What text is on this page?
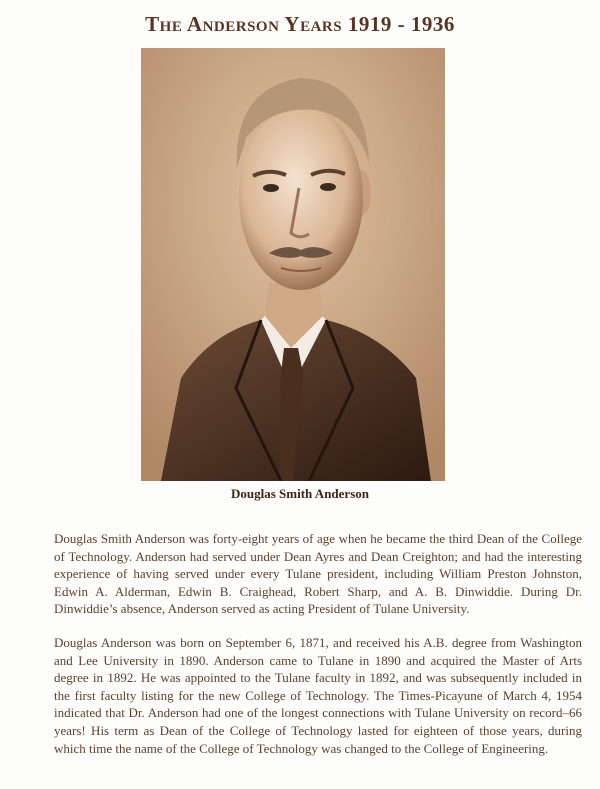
The Anderson Years 1919 - 1936
Douglas Smith Anderson

Douglas Smith Anderson was forty-eight years of age when he became the third Dean of the College of Technology. Anderson had served under Dean Ayres and Dean Creighton; and had the interesting experience of having served under every Tulane president, including William Preston Johnston, Edwin A. Alderman, Edwin B. Craighead, Robert Sharp, and A. B. Dinwiddie. During Dr. Dinwiddie’s absence, Anderson served as acting President of Tulane University.

Douglas Anderson was born on September 6, 1871, and received his A.B. degree from Washington and Lee University in 1890. Anderson came to Tulane in 1890 and acquired the Master of Arts degree in 1892. He was appointed to the Tulane faculty in 1892, and was subsequently included in the first faculty listing for the new College of Technology. The Times-Picayune of March 4, 1954 indicated that Dr. Anderson had one of the longest connections with Tulane University on record–66 years! His term as Dean of the College of Technology lasted for eighteen of those years, during which time the name of the College of Technology was changed to the College of Engineering.
